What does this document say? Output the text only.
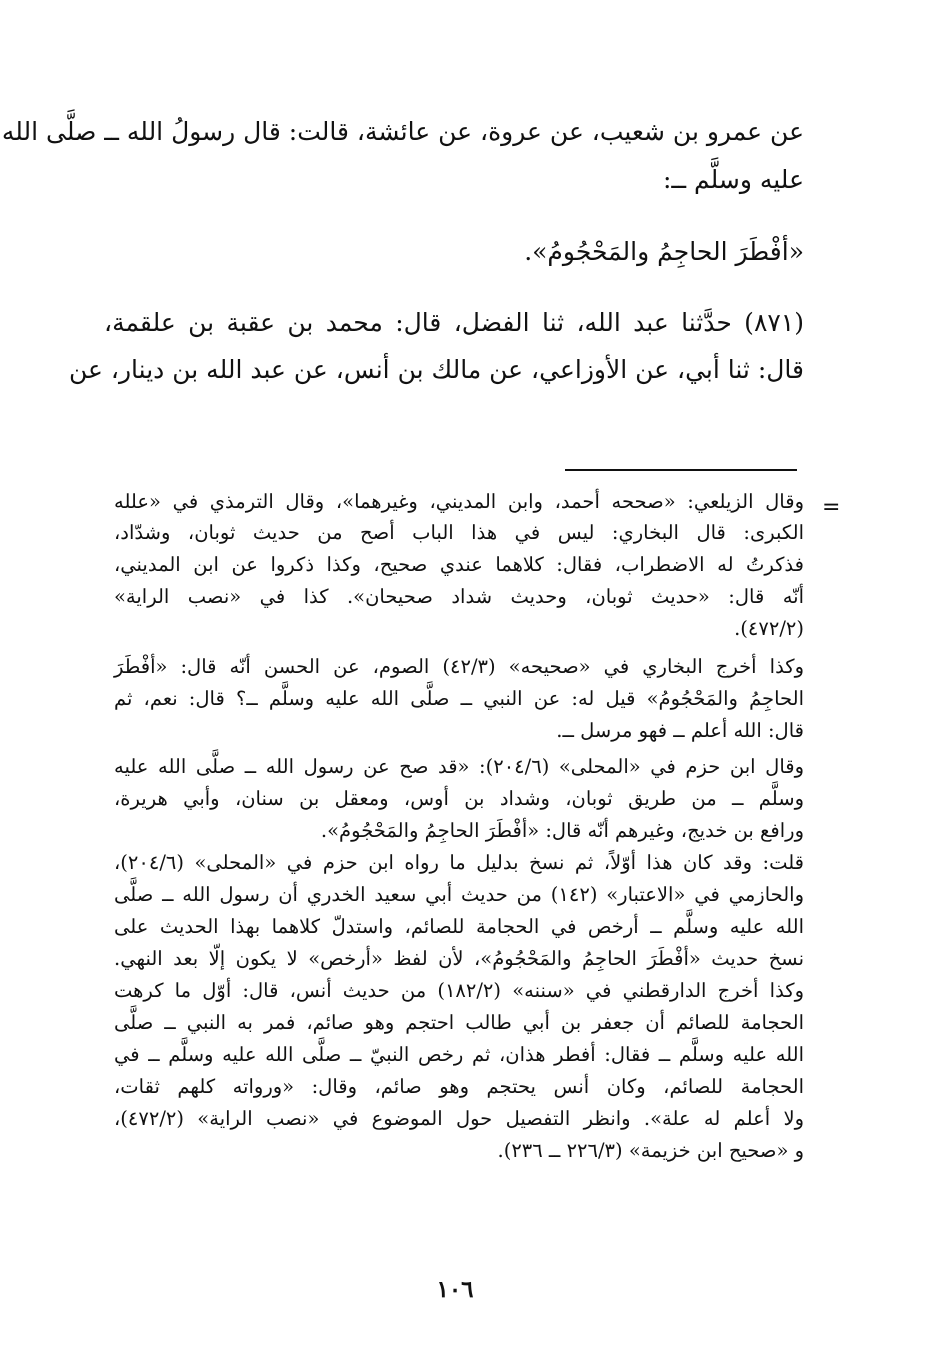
عن عمرو بن شعيب، عن عروة، عن عائشة، قالت: قال رسولُ الله ــ صلَّى الله
عليه وسلَّم ــ:
«أفْطَرَ الحاجِمُ والمَحْجُومُ».
(٨٧١) حدَّثنا عبد الله، ثنا الفضل، قال: محمد بن عقبة بن علقمة،
قال: ثنا أبي، عن الأوزاعي، عن مالك بن أنس، عن عبد الله بن دينار، عن
=
وقال الزيلعي: «صححه أحمد، وابن المديني، وغيرهما»، وقال الترمذي في «علله
الكبرى: قال البخاري: ليس في هذا الباب أصح من حديث ثوبان، وشدّاد،
فذكرتُ له الاضطراب، فقال: كلاهما عندي صحيح، وكذا ذكروا عن ابن المديني،
أنّه قال: «حديث ثوبان، وحديث شداد صحيحان». كذا في «نصب الراية»
(٤٧٢/٢).
وكذا أخرج البخاري في «صحيحه» (٤٢/٣) الصوم، عن الحسن أنّه قال: «أفْطَرَ
الحاجِمُ والمَحْجُومُ» قيل له: عن النبي ــ صلَّى الله عليه وسلَّم ــ؟ قال: نعم، ثم
قال: الله أعلم ــ فهو مرسل ــ.
وقال ابن حزم في «المحلى» (٢٠٤/٦): «قد صح عن رسول الله ــ صلَّى الله عليه
وسلَّم ــ من طريق ثوبان، وشداد بن أوس، ومعقل بن سنان، وأبي هريرة،
ورافع بن خديج، وغيرهم أنّه قال: «أفْطَرَ الحاجِمُ والمَحْجُومُ».
قلت: وقد كان هذا أوّلاً، ثم نسخ بدليل ما رواه ابن حزم في «المحلى» (٢٠٤/٦)،
والحازمي في «الاعتبار» (١٤٢) من حديث أبي سعيد الخدري أن رسول الله ــ صلَّى
الله عليه وسلَّم ــ أرخص في الحجامة للصائم، واستدلّ كلاهما بهذا الحديث على
نسخ حديث «أفْطَرَ الحاجِمُ والمَحْجُومُ»، لأن لفظ «أرخص» لا يكون إلّا بعد النهي.
وكذا أخرج الدارقطني في «سننه» (١٨٢/٢) من حديث أنس، قال: أوّل ما كرهت
الحجامة للصائم أن جعفر بن أبي طالب احتجم وهو صائم، فمر به النبي ــ صلَّى
الله عليه وسلَّم ــ فقال: أفطر هذان، ثم رخص النبيّ ــ صلَّى الله عليه وسلَّم ــ في
الحجامة للصائم، وكان أنس يحتجم وهو صائم، وقال: «ورواته كلهم ثقات،
ولا أعلم له علة». وانظر التفصيل حول الموضوع في «نصب الراية» (٤٧٢/٢)،
و «صحيح ابن خزيمة» (٢٢٦/٣ ــ ٢٣٦).
١٠٦
